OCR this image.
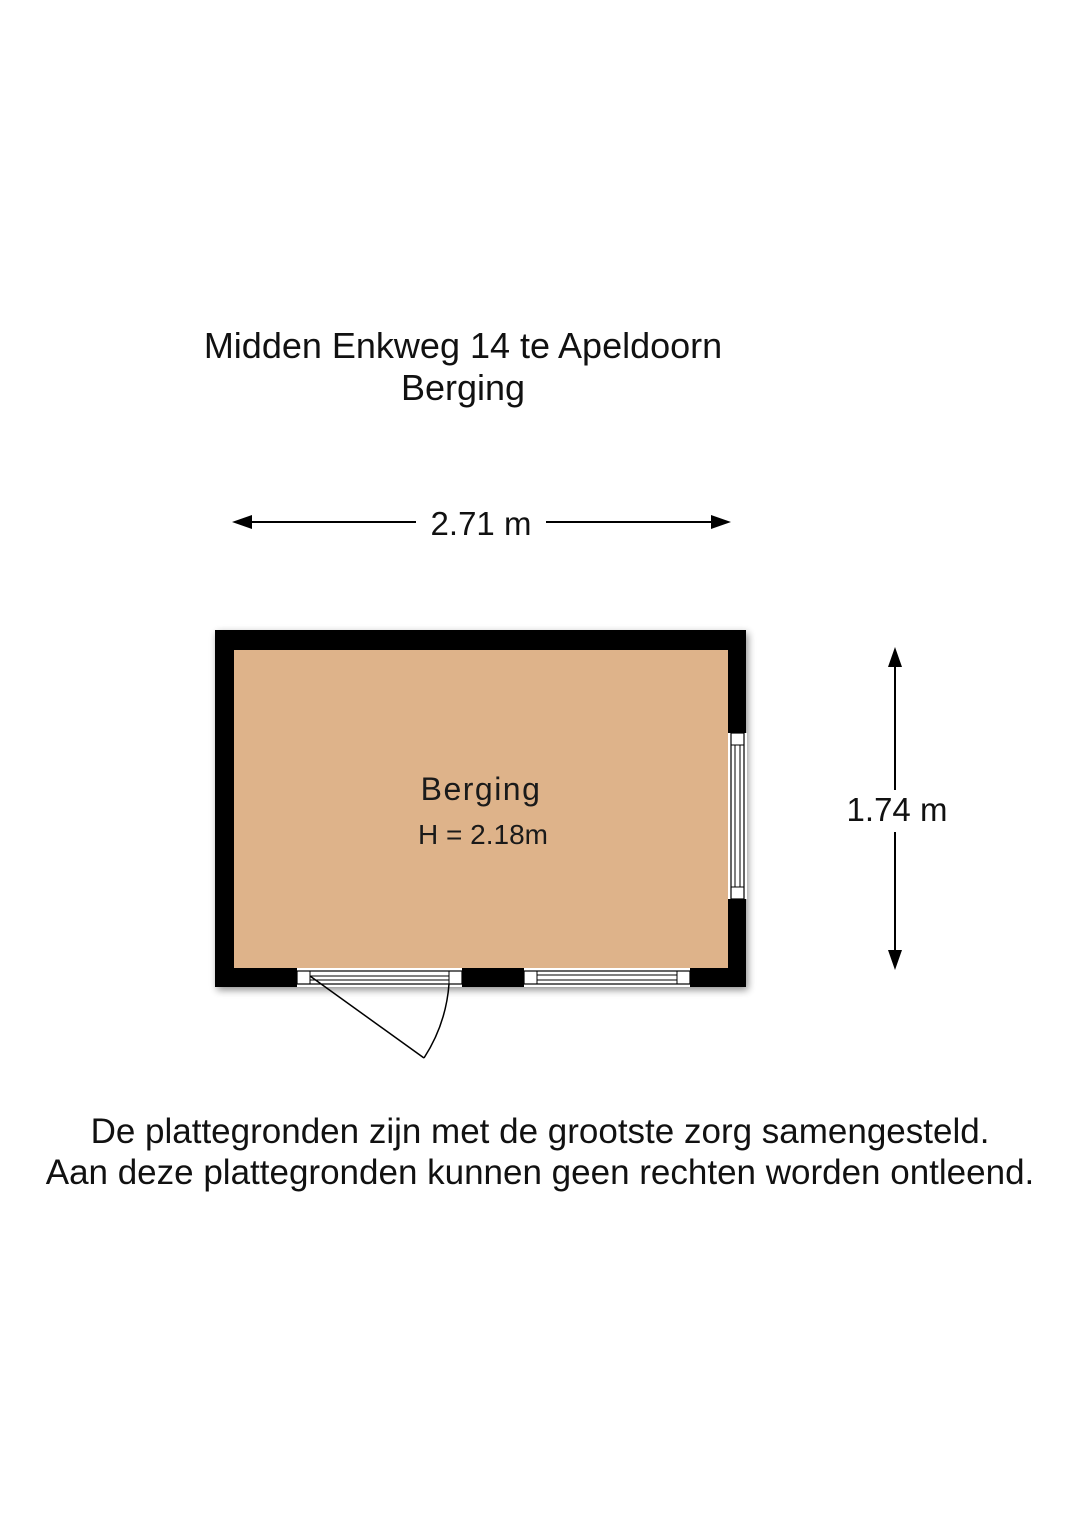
Midden Enkweg 14 te Apeldoorn
Berging
2.71 m
1.74 m
Berging
H = 2.18m
De plattegronden zijn met de grootste zorg samengesteld.
Aan deze plattegronden kunnen geen rechten worden ontleend.
